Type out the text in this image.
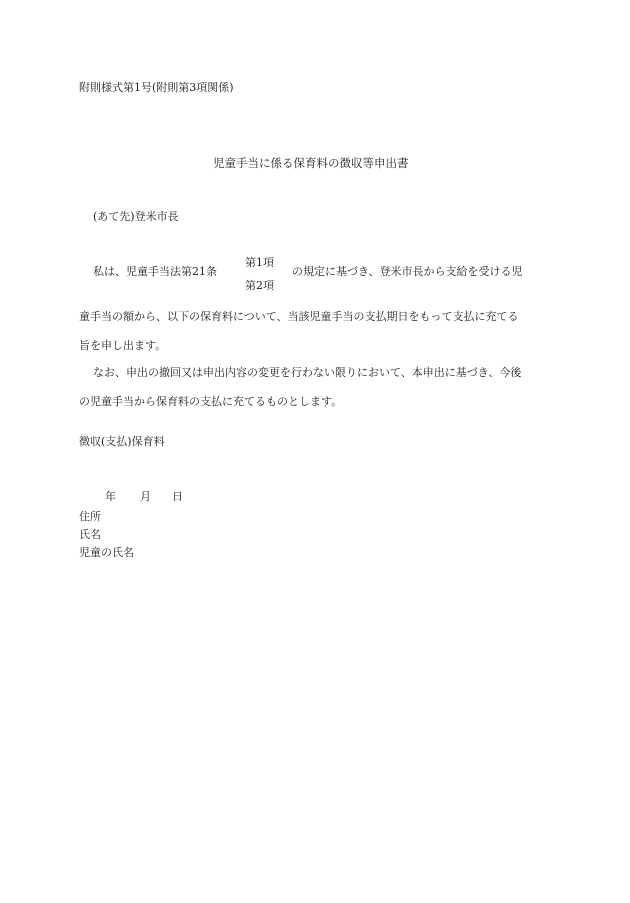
附則様式第1号(附則第3項関係)
児童手当に係る保育料の徴収等申出書
(あて先)登米市長
私は、児童手当法第21条
第1項
第2項
の規定に基づき、登米市長から支給を受ける児
童手当の額から、以下の保育料について、当該児童手当の支払期日をもって支払に充てる
旨を申し出ます。
なお、申出の撤回又は申出内容の変更を行わない限りにおいて、本申出に基づき、今後
の児童手当から保育料の支払に充てるものとします。
徴収(支払)保育料
年 月 日
住所
氏名
児童の氏名
